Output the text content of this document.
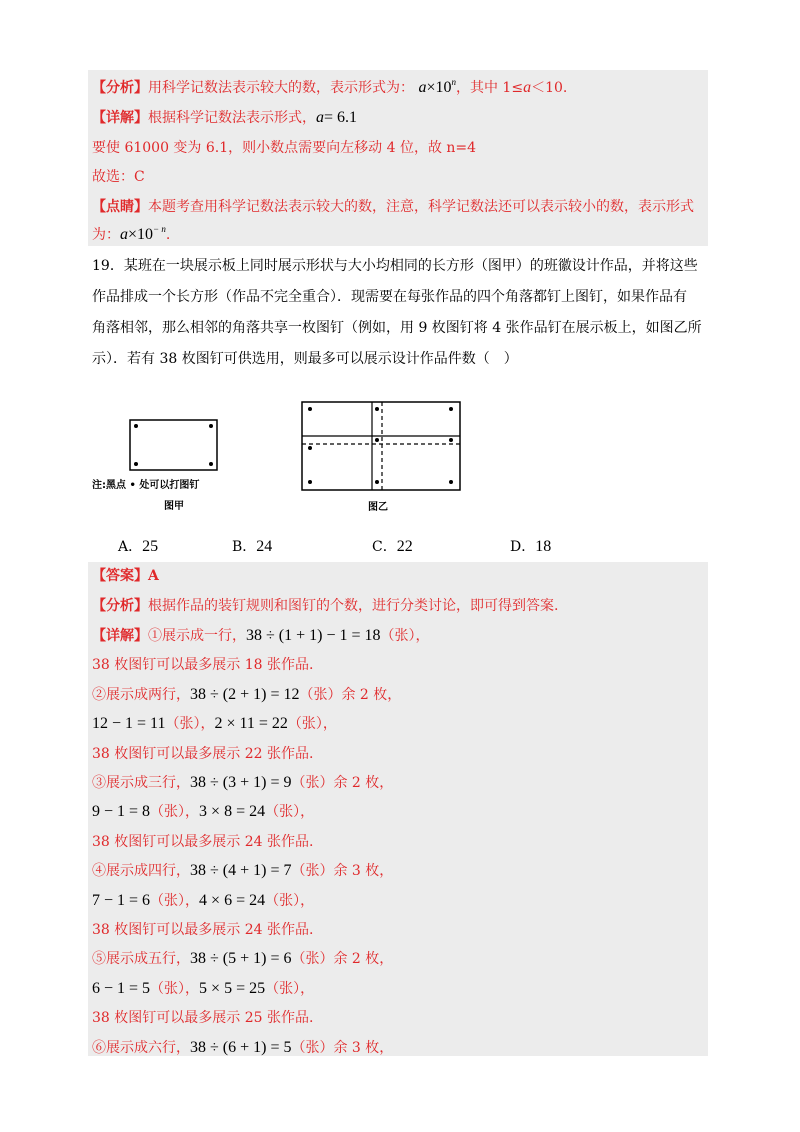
【分析】用科学记数法表示较大的数，表示形式为： $a\times 10^n$，其中 1≤a＜10.
【详解】根据科学记数法表示形式，a= 6.1
要使 61000 变为 6.1，则小数点需要向左移动 4 位，故 n=4
故选：C
【点睛】本题考查用科学记数法表示较大的数，注意，科学记数法还可以表示较小的数，表示形式
为：$a\times 10^{- n}$.
19．某班在一块展示板上同时展示形状与大小均相同的长方形（图甲）的班徽设计作品，并将这些
作品排成一个长方形（作品不完全重合）．现需要在每张作品的四个角落都钉上图钉，如果作品有
角落相邻，那么相邻的角落共享一枚图钉（例如，用 9 枚图钉将 4 张作品钉在展示板上，如图乙所
示）．若有 38 枚图钉可供选用，则最多可以展示设计作品件数（　）
注:黑点 • 处可以打图钉
图甲	图乙
A．25	B．24	C．22	D．18
【答案】A
【分析】根据作品的装钉规则和图钉的个数，进行分类讨论，即可得到答案.
【详解】①展示成一行，38 ÷ (1 + 1) − 1 = 18（张），
38 枚图钉可以最多展示 18 张作品.
②展示成两行，38 ÷ (2 + 1) = 12（张）余 2 枚，
12 − 1 = 11（张），2 × 11 = 22（张），
38 枚图钉可以最多展示 22 张作品.
③展示成三行，38 ÷ (3 + 1) = 9（张）余 2 枚，
9 − 1 = 8（张），3 × 8 = 24（张），
38 枚图钉可以最多展示 24 张作品.
④展示成四行，38 ÷ (4 + 1) = 7（张）余 3 枚，
7 − 1 = 6（张），4 × 6 = 24（张），
38 枚图钉可以最多展示 24 张作品.
⑤展示成五行，38 ÷ (5 + 1) = 6（张）余 2 枚，
6 − 1 = 5（张），5 × 5 = 25（张），
38 枚图钉可以最多展示 25 张作品.
⑥展示成六行，38 ÷ (6 + 1) = 5（张）余 3 枚，
